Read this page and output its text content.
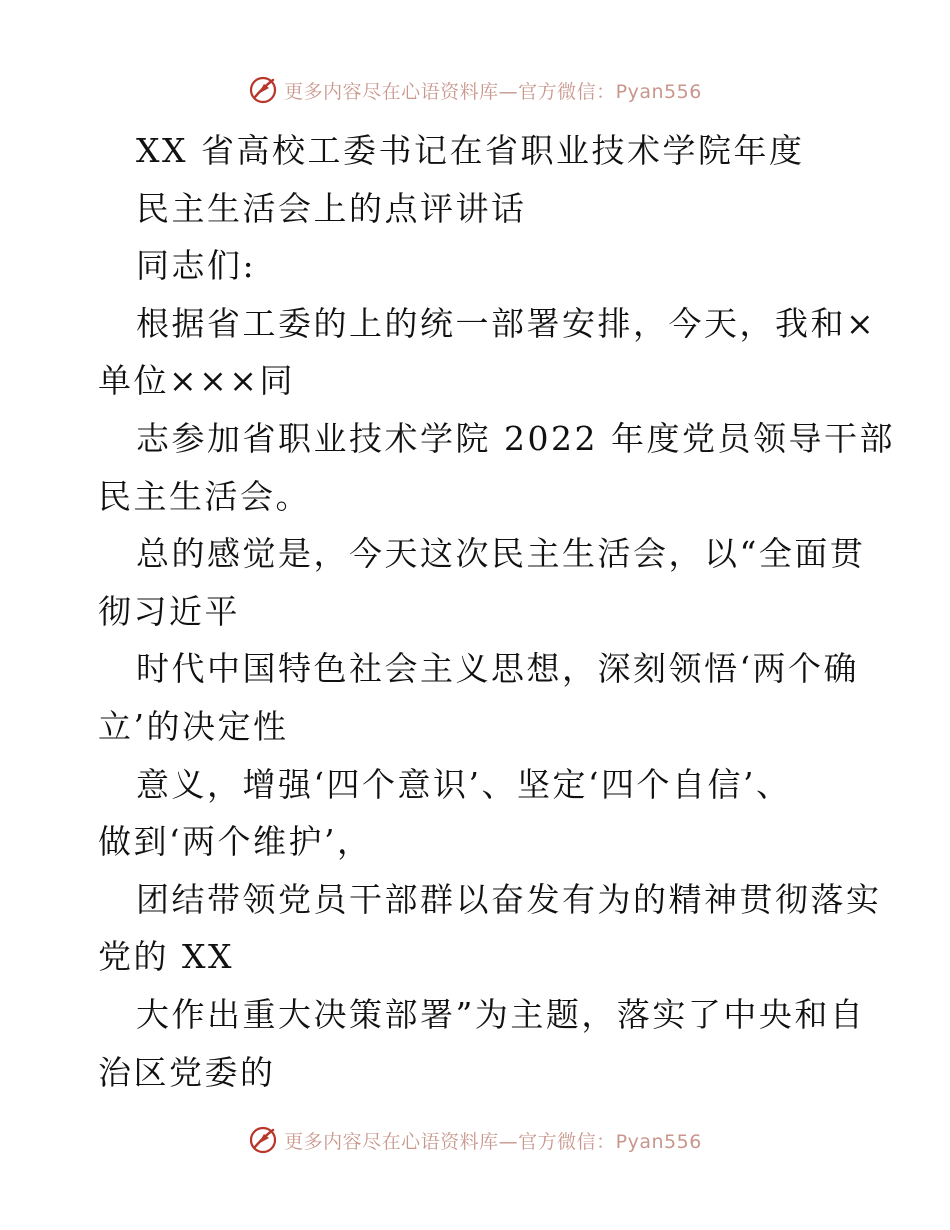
更多内容尽在心语资料库—官方微信：Pyan556
XX 省高校工委书记在省职业技术学院年度
民主生活会上的点评讲话
同志们:
根据省工委的上的统一部署安排，今天，我和×
单位×××同
志参加省职业技术学院 2022 年度党员领导干部
民主生活会。
总的感觉是，今天这次民主生活会，以“全面贯
彻习近平
时代中国特色社会主义思想，深刻领悟‘两个确
立’的决定性
意义，增强‘四个意识’、坚定‘四个自信’、
做到‘两个维护’，
团结带领党员干部群以奋发有为的精神贯彻落实
党的 XX
大作出重大决策部署”为主题，落实了中央和自
治区党委的
更多内容尽在心语资料库—官方微信：Pyan556
